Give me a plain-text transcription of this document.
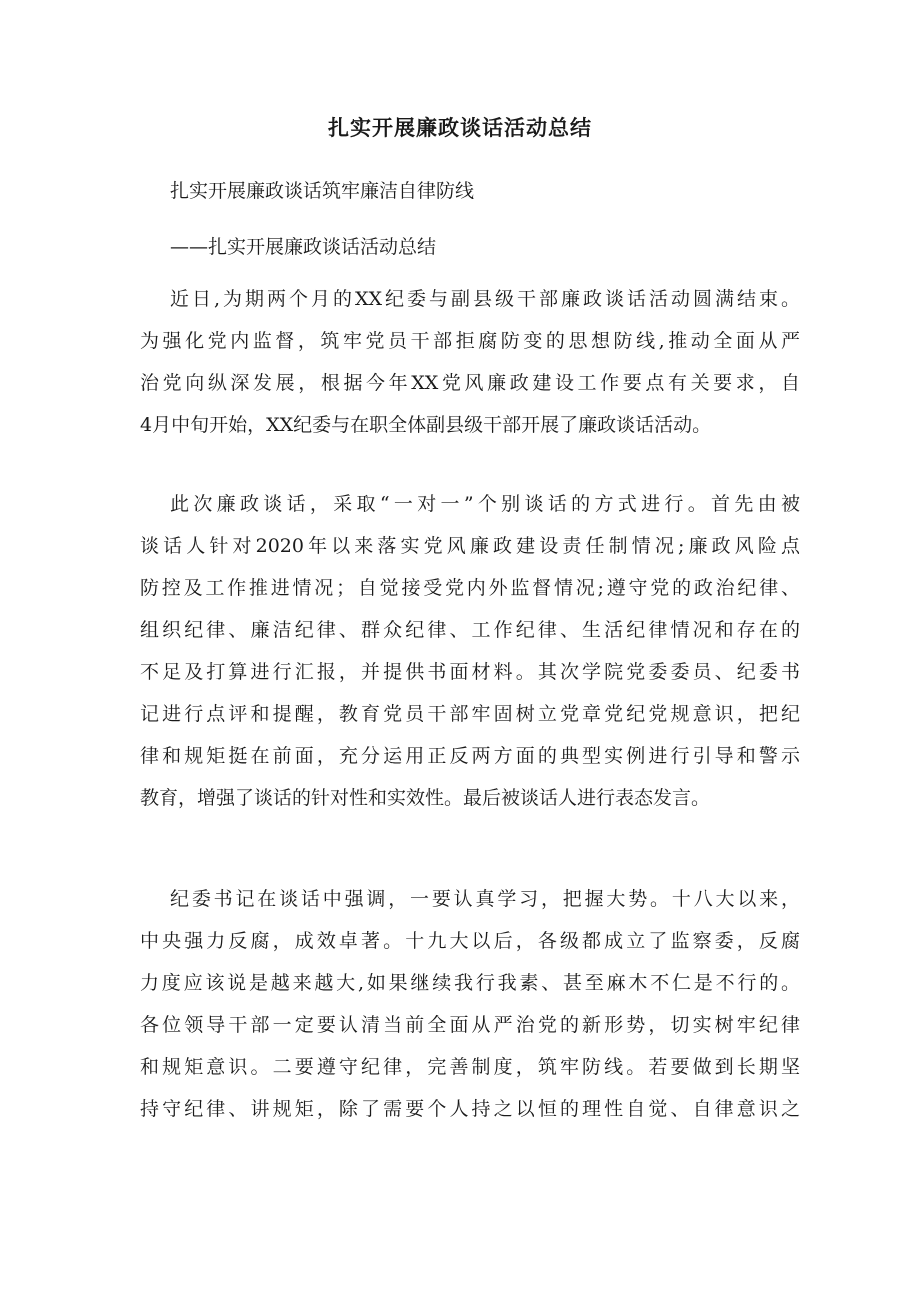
扎实开展廉政谈话活动总结

扎实开展廉政谈话筑牢廉洁自律防线

——扎实开展廉政谈话活动总结

近日,为期两个月的XX纪委与副县级干部廉政谈话活动圆满结束。
为强化党内监督，筑牢党员干部拒腐防变的思想防线,推动全面从严
治党向纵深发展，根据今年XX党风廉政建设工作要点有关要求，自
4月中旬开始，XX纪委与在职全体副县级干部开展了廉政谈话活动。
此次廉政谈话，采取“一对一”个别谈话的方式进行。首先由被
谈话人针对2020年以来落实党风廉政建设责任制情况;廉政风险点
防控及工作推进情况；自觉接受党内外监督情况;遵守党的政治纪律、
组织纪律、廉洁纪律、群众纪律、工作纪律、生活纪律情况和存在的
不足及打算进行汇报，并提供书面材料。其次学院党委委员、纪委书
记进行点评和提醒，教育党员干部牢固树立党章党纪党规意识，把纪
律和规矩挺在前面，充分运用正反两方面的典型实例进行引导和警示
教育，增强了谈话的针对性和实效性。最后被谈话人进行表态发言。
纪委书记在谈话中强调，一要认真学习，把握大势。十八大以来，
中央强力反腐，成效卓著。十九大以后，各级都成立了监察委，反腐
力度应该说是越来越大,如果继续我行我素、甚至麻木不仁是不行的。
各位领导干部一定要认清当前全面从严治党的新形势，切实树牢纪律
和规矩意识。二要遵守纪律，完善制度，筑牢防线。若要做到长期坚
持守纪律、讲规矩，除了需要个人持之以恒的理性自觉、自律意识之
